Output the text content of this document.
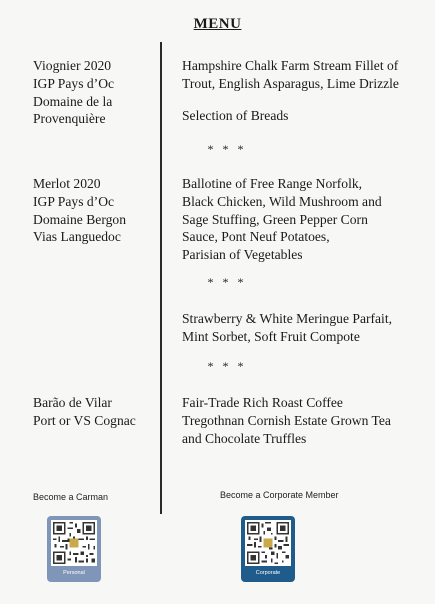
MENU
Viognier 2020
IGP Pays d’Oc
Domaine de la
Provenquière
Merlot 2020
IGP Pays d’Oc
Domaine Bergon
Vias Languedoc
Barão de Vilar
Port or VS Cognac
Hampshire Chalk Farm Stream Fillet of
Trout, English Asparagus, Lime Drizzle
Selection of Breads
* * *
Ballotine of Free Range Norfolk,
Black Chicken, Wild Mushroom and
Sage Stuffing, Green Pepper Corn
Sauce, Pont Neuf Potatoes,
Parisian of Vegetables
* * *
Strawberry & White Meringue Parfait,
Mint Sorbet, Soft Fruit Compote
* * *
Fair-Trade Rich Roast Coffee
Tregothnan Cornish Estate Grown Tea
and Chocolate Truffles
Become a Carman
Personal
Become a Corporate Member
Corporate
